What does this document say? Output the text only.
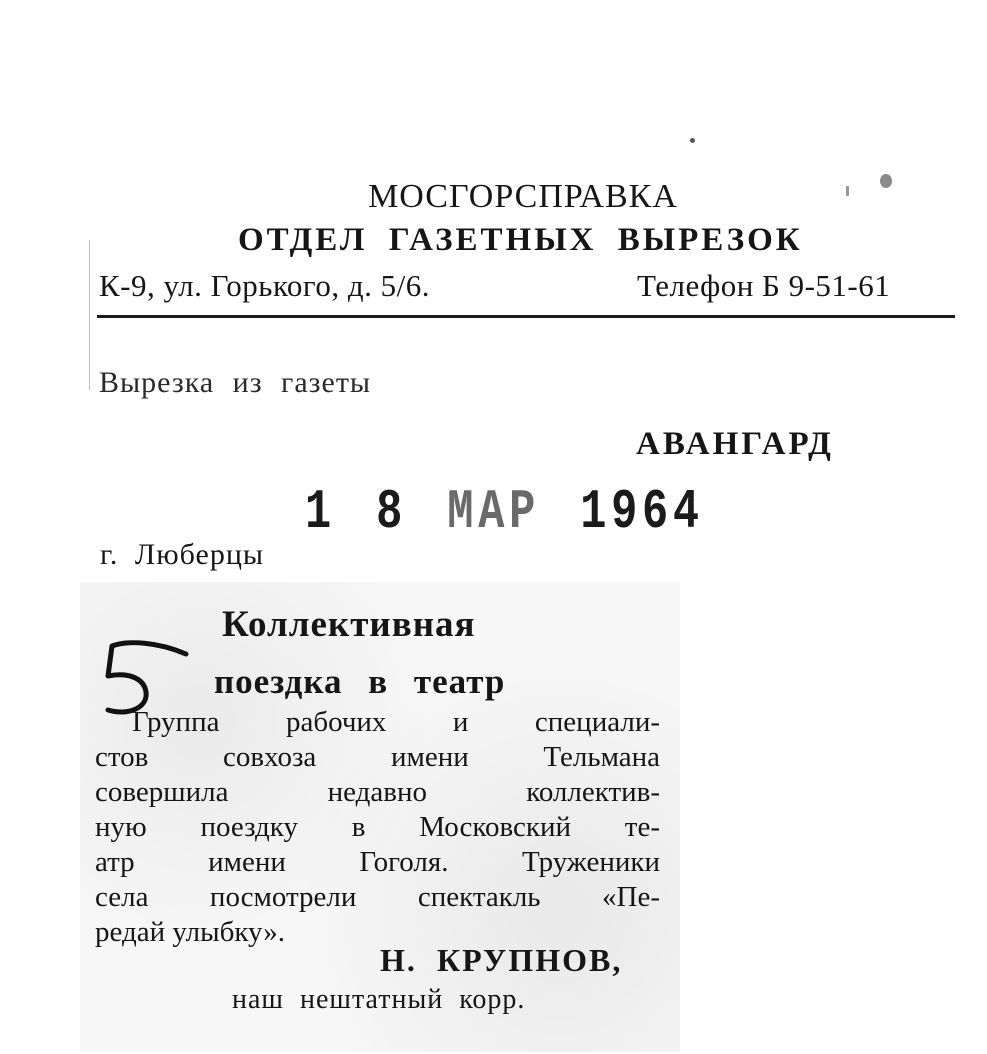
МОСГОРСПРАВКА
ОТДЕЛ ГАЗЕТНЫХ ВЫРЕЗОК
К-9, ул. Горького, д. 5/6.	Телефон Б 9-51-61
Вырезка из газеты
АВАНГАРД
1 8 МАР 1964
г. Люберцы
Коллективная
поездка в театр
Группа рабочих и специали-
стов совхоза имени Тельмана
совершила недавно коллектив-
ную поездку в Московский те-
атр имени Гоголя. Труженики
села посмотрели спектакль «Пе-
редай улыбку».
Н. КРУПНОВ,
наш нештатный корр.
